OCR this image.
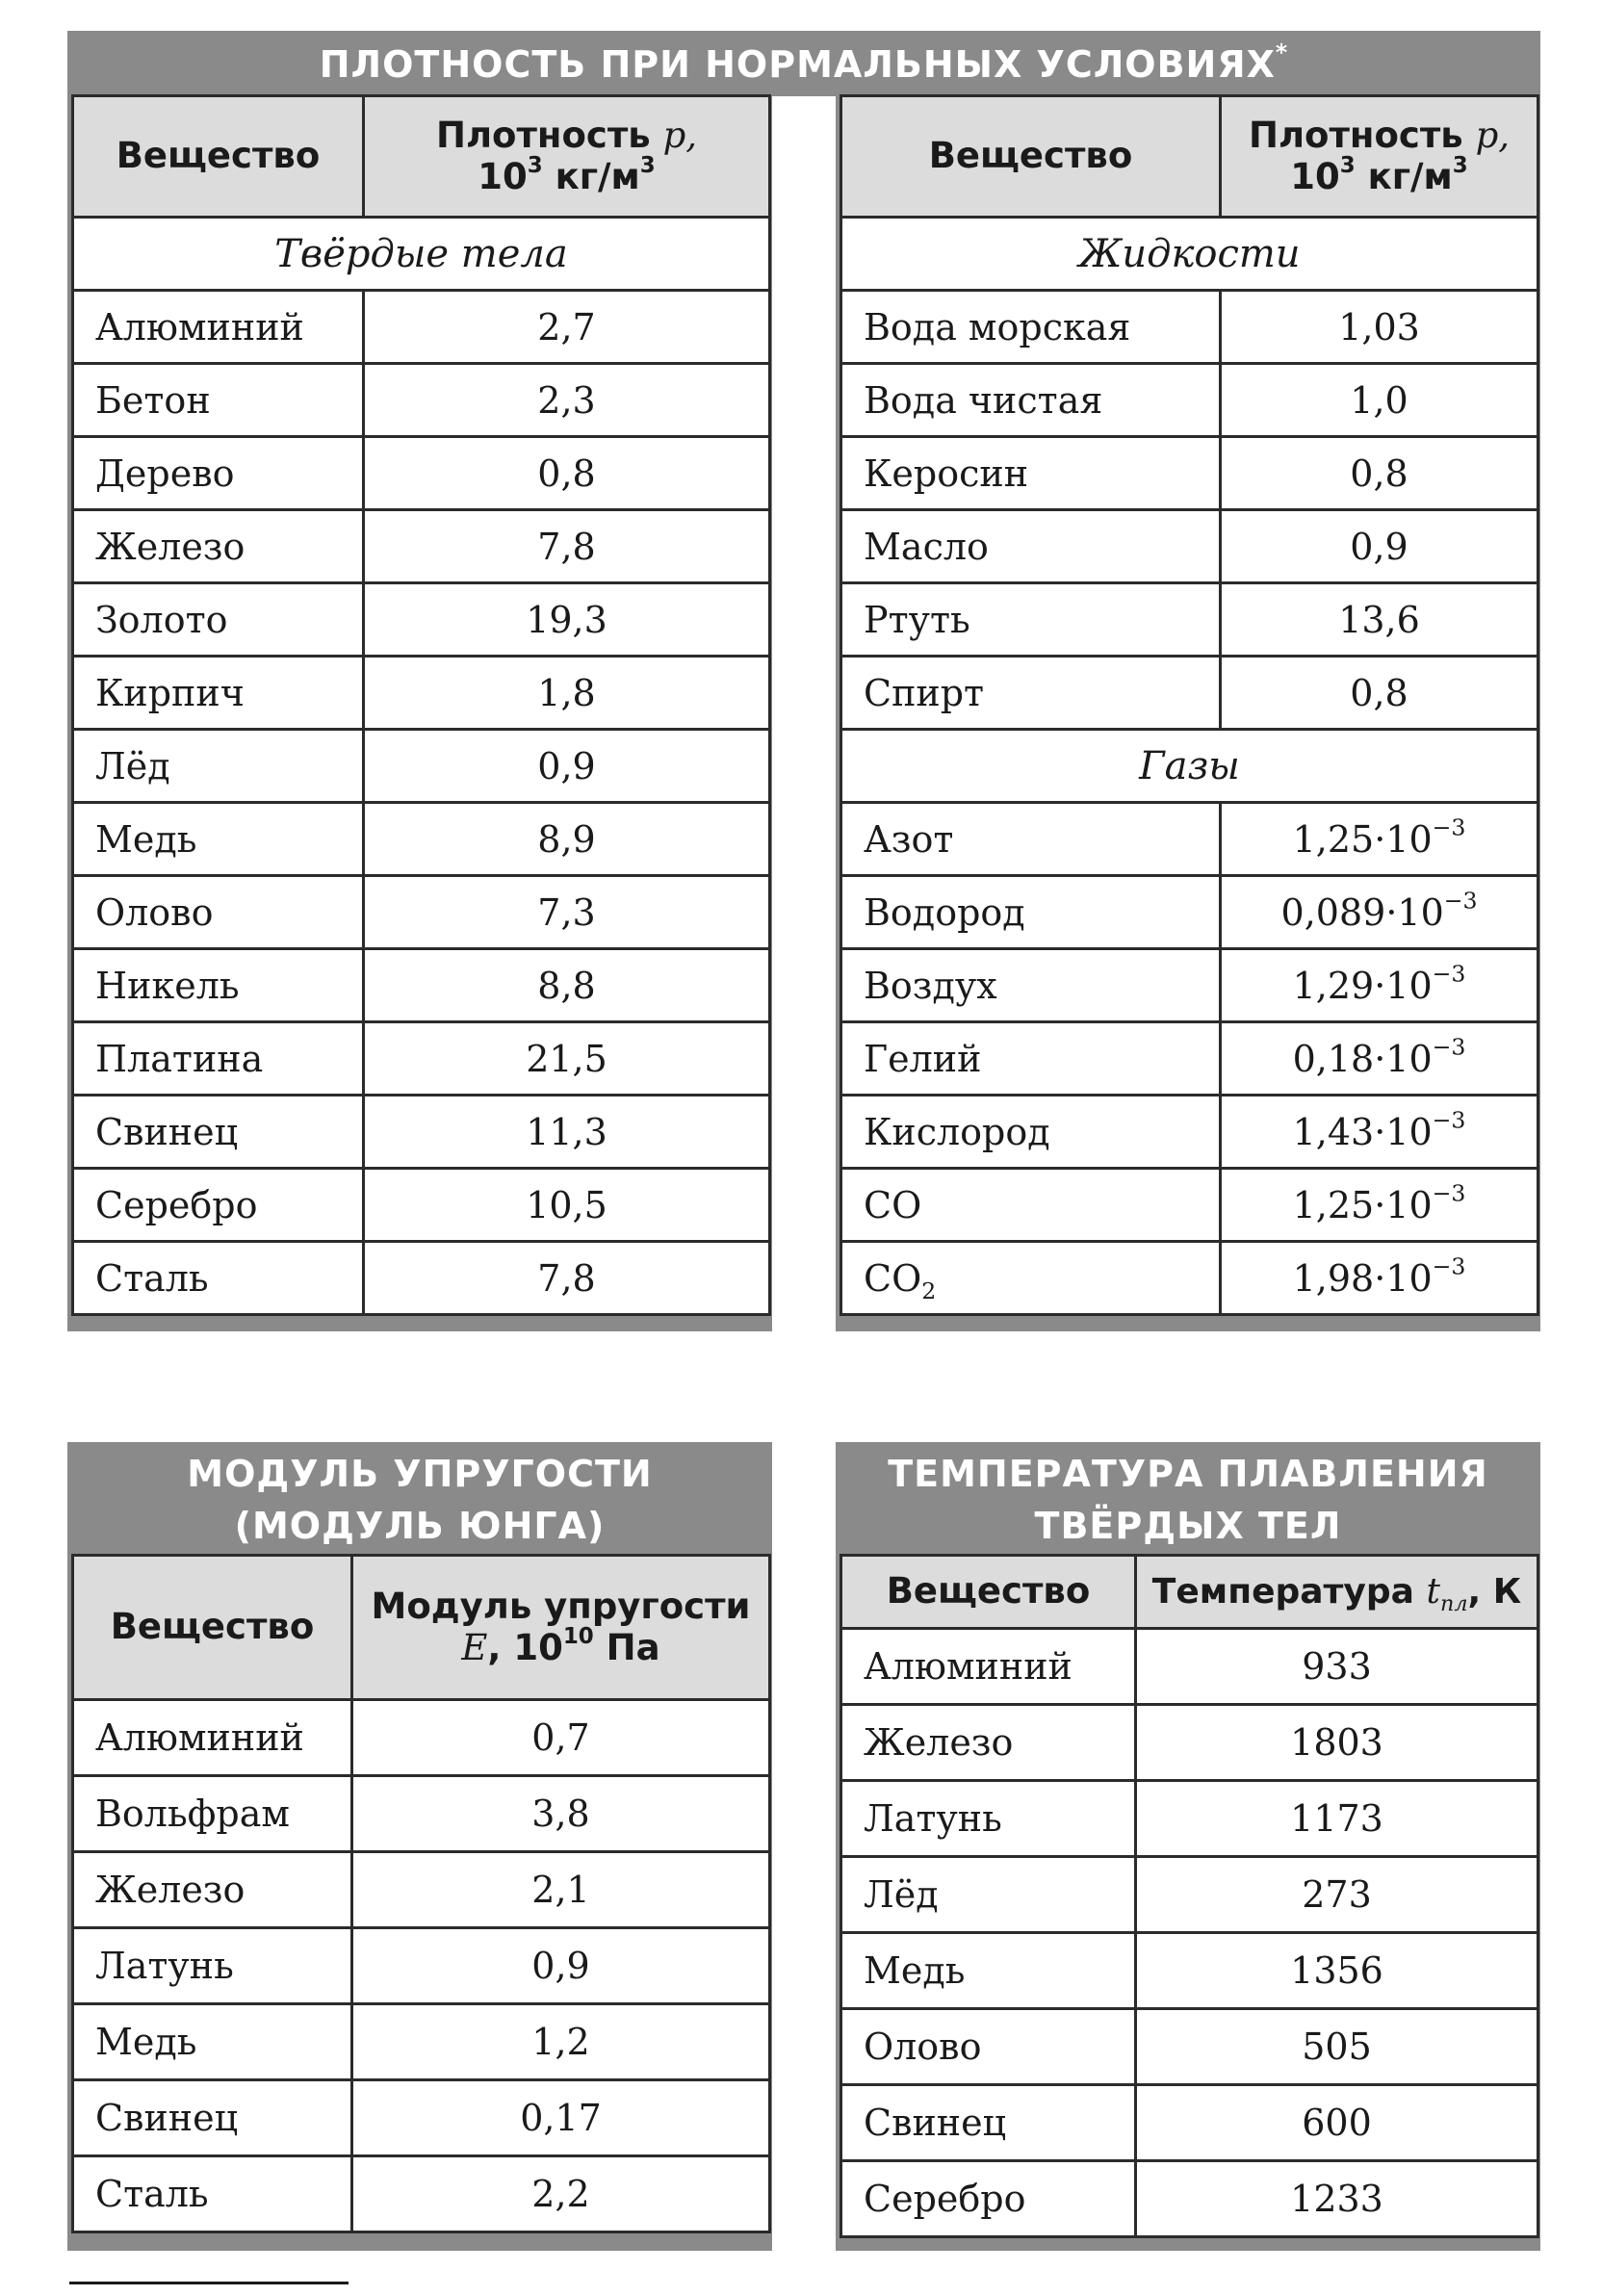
ПЛОТНОСТЬ ПРИ НОРМАЛЬНЫХ УСЛОВИЯХ*
Вещество	Плотность p,
$10^3$ $кг/м^3$
Твёрдые тела	
Алюминий	2,7
Бетон	2,3
Дерево	0,8
Железо	7,8
Золото	19,3
Кирпич	1,8
Лёд	0,9
Медь	8,9
Олово	7,3
Никель	8,8
Платина	21,5
Свинец	11,3
Серебро	10,5
Сталь	7,8
Вещество	Плотность p,
$10^3$ $кг/м^3$
Жидкости	
Вода морская	1,03
Вода чистая	1,0
Керосин	0,8
Масло	0,9
Ртуть	13,6
Спирт	0,8
Газы	
Азот	$1,25\cdot 10^{-3}$
Водород	$0,089\cdot 10^{-3}$
Воздух	$1,29\cdot 10^{-3}$
Гелий	$0,18\cdot 10^{-3}$
Кислород	$1,43\cdot 10^{-3}$
CO	$1,25\cdot 10^{-3}$
$CO_2$	$1,98\cdot 10^{-3}$
МОДУЛЬ УПРУГОСТИ
(МОДУЛЬ ЮНГА)
Вещество	Модуль упругости
E, $10^{10}$ Па
Алюминий	0,7
Вольфрам	3,8
Железо	2,1
Латунь	0,9
Медь	1,2
Свинец	0,17
Сталь	2,2
ТЕМПЕРАТУРА ПЛАВЛЕНИЯ
ТВЁРДЫХ ТЕЛ
Вещество	Температура $t_{пл}$, К
Алюминий	933
Железо	1803
Латунь	1173
Лёд	273
Медь	1356
Олово	505
Свинец	600
Серебро	1233
